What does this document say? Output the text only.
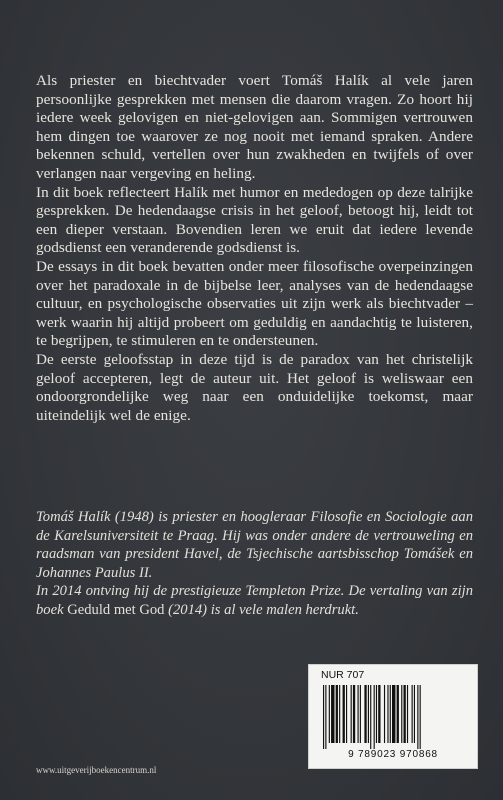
Als priester en biechtvader voert Tomáš Halík al vele jaren persoonlijke gesprekken met mensen die daarom vragen. Zo hoort hij iedere week gelovigen en niet-gelovigen aan. Sommigen vertrouwen hem dingen toe waarover ze nog nooit met iemand spraken. Andere bekennen schuld, vertellen over hun zwakheden en twijfels of over verlangen naar vergeving en heling.

In dit boek reflecteert Halík met humor en mededogen op deze talrijke gesprekken. De hedendaagse crisis in het geloof, betoogt hij, leidt tot een dieper verstaan. Bovendien leren we eruit dat iedere levende godsdienst een veranderende godsdienst is.

De essays in dit boek bevatten onder meer filosofische overpeinzingen over het paradoxale in de bijbelse leer, analyses van de hedendaagse cultuur, en psychologische observaties uit zijn werk als biechtvader – werk waarin hij altijd probeert om geduldig en aandachtig te luisteren, te begrijpen, te stimuleren en te ondersteunen.

De eerste geloofsstap in deze tijd is de paradox van het christelijk geloof accepteren, legt de auteur uit. Het geloof is weliswaar een ondoorgrondelijke weg naar een onduidelijke toekomst, maar uiteindelijk wel de enige.

Tomáš Halík (1948) is priester en hoogleraar Filosofie en Sociologie aan de Karelsuniversiteit te Praag. Hij was onder andere de vertrouweling en raadsman van president Havel, de Tsjechische aartsbisschop Tomášek en Johannes Paulus II.

In 2014 ontving hij de prestigieuze Templeton Prize. De vertaling van zijn boek Geduld met God (2014) is al vele malen herdrukt.

NUR 707
9 789023 970868
www.uitgeverijboekencentrum.nl
